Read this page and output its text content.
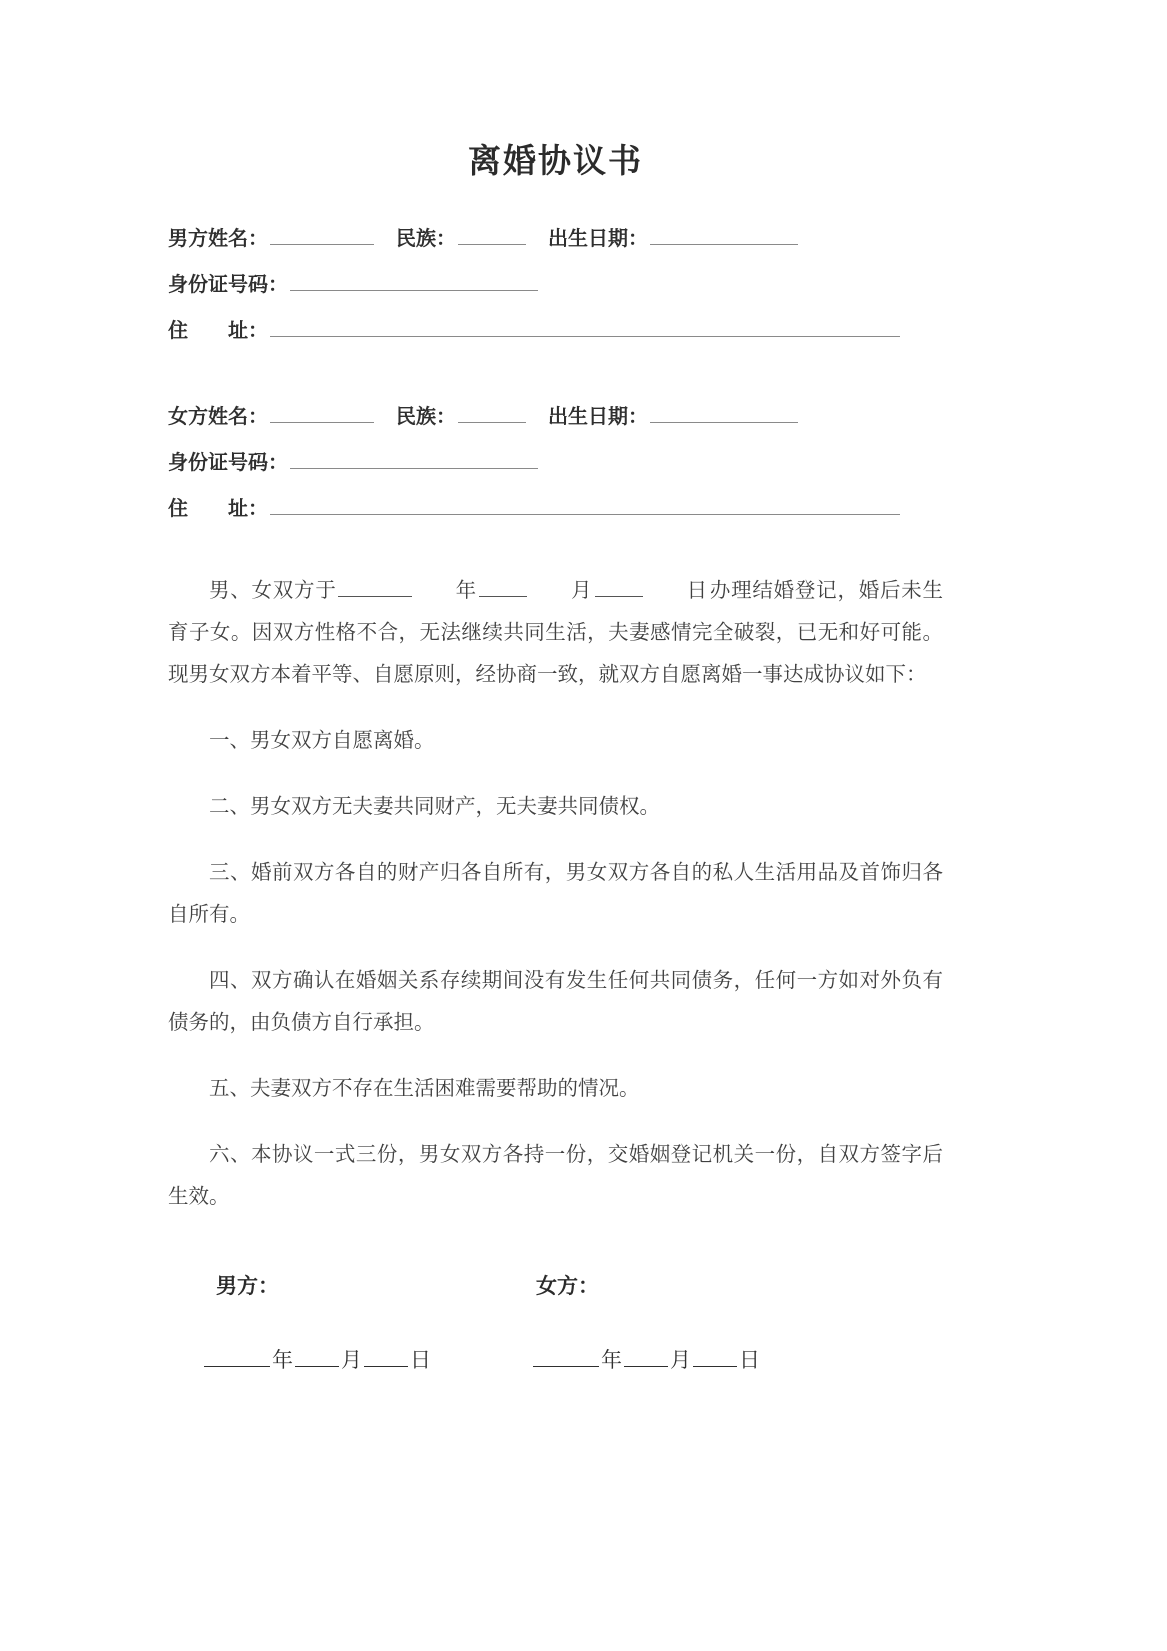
离婚协议书
男方姓名：	民族：	出生日期：
身份证号码：
住　　址：
女方姓名：	民族：	出生日期：
身份证号码：
住　　址：

男、女双方于	年	月	日办理结婚登记，婚后未生育子女。因双方性格不合，无法继续共同生活，夫妻感情完全破裂，已无和好可能。现男女双方本着平等、自愿原则，经协商一致，就双方自愿离婚一事达成协议如下：

一、男女双方自愿离婚。

二、男女双方无夫妻共同财产，无夫妻共同债权。

三、婚前双方各自的财产归各自所有，男女双方各自的私人生活用品及首饰归各自所有。

四、双方确认在婚姻关系存续期间没有发生任何共同债务，任何一方如对外负有债务的，由负债方自行承担。

五、夫妻双方不存在生活困难需要帮助的情况。

六、本协议一式三份，男女双方各持一份，交婚姻登记机关一份，自双方签字后生效。

男方：	女方：
年 月 日	年 月 日
